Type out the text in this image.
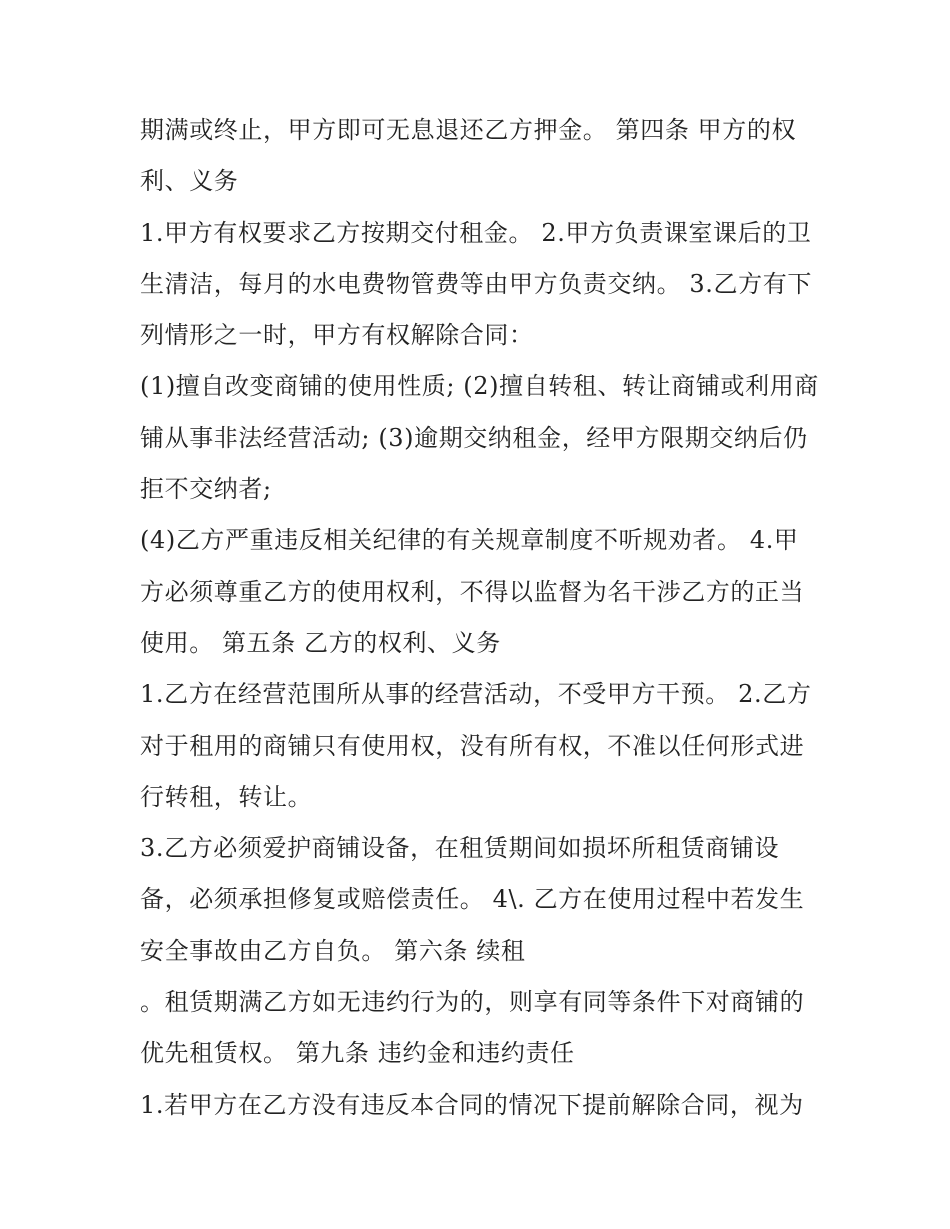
期满或终止，甲方即可无息退还乙方押金。 第四条 甲方的权
利、义务
1.甲方有权要求乙方按期交付租金。 2.甲方负责课室课后的卫
生清洁，每月的水电费物管费等由甲方负责交纳。 3.乙方有下
列情形之一时，甲方有权解除合同：
(1)擅自改变商铺的使用性质; (2)擅自转租、转让商铺或利用商
铺从事非法经营活动; (3)逾期交纳租金，经甲方限期交纳后仍
拒不交纳者;
(4)乙方严重违反相关纪律的有关规章制度不听规劝者。 4.甲
方必须尊重乙方的使用权利，不得以监督为名干涉乙方的正当
使用。 第五条 乙方的权利、义务
1.乙方在经营范围所从事的经营活动，不受甲方干预。 2.乙方
对于租用的商铺只有使用权，没有所有权，不准以任何形式进
行转租，转让。
3.乙方必须爱护商铺设备，在租赁期间如损坏所租赁商铺设
备，必须承担修复或赔偿责任。 4\. 乙方在使用过程中若发生
安全事故由乙方自负。 第六条 续租
。租赁期满乙方如无违约行为的，则享有同等条件下对商铺的
优先租赁权。 第九条 违约金和违约责任
1.若甲方在乙方没有违反本合同的情况下提前解除合同，视为
